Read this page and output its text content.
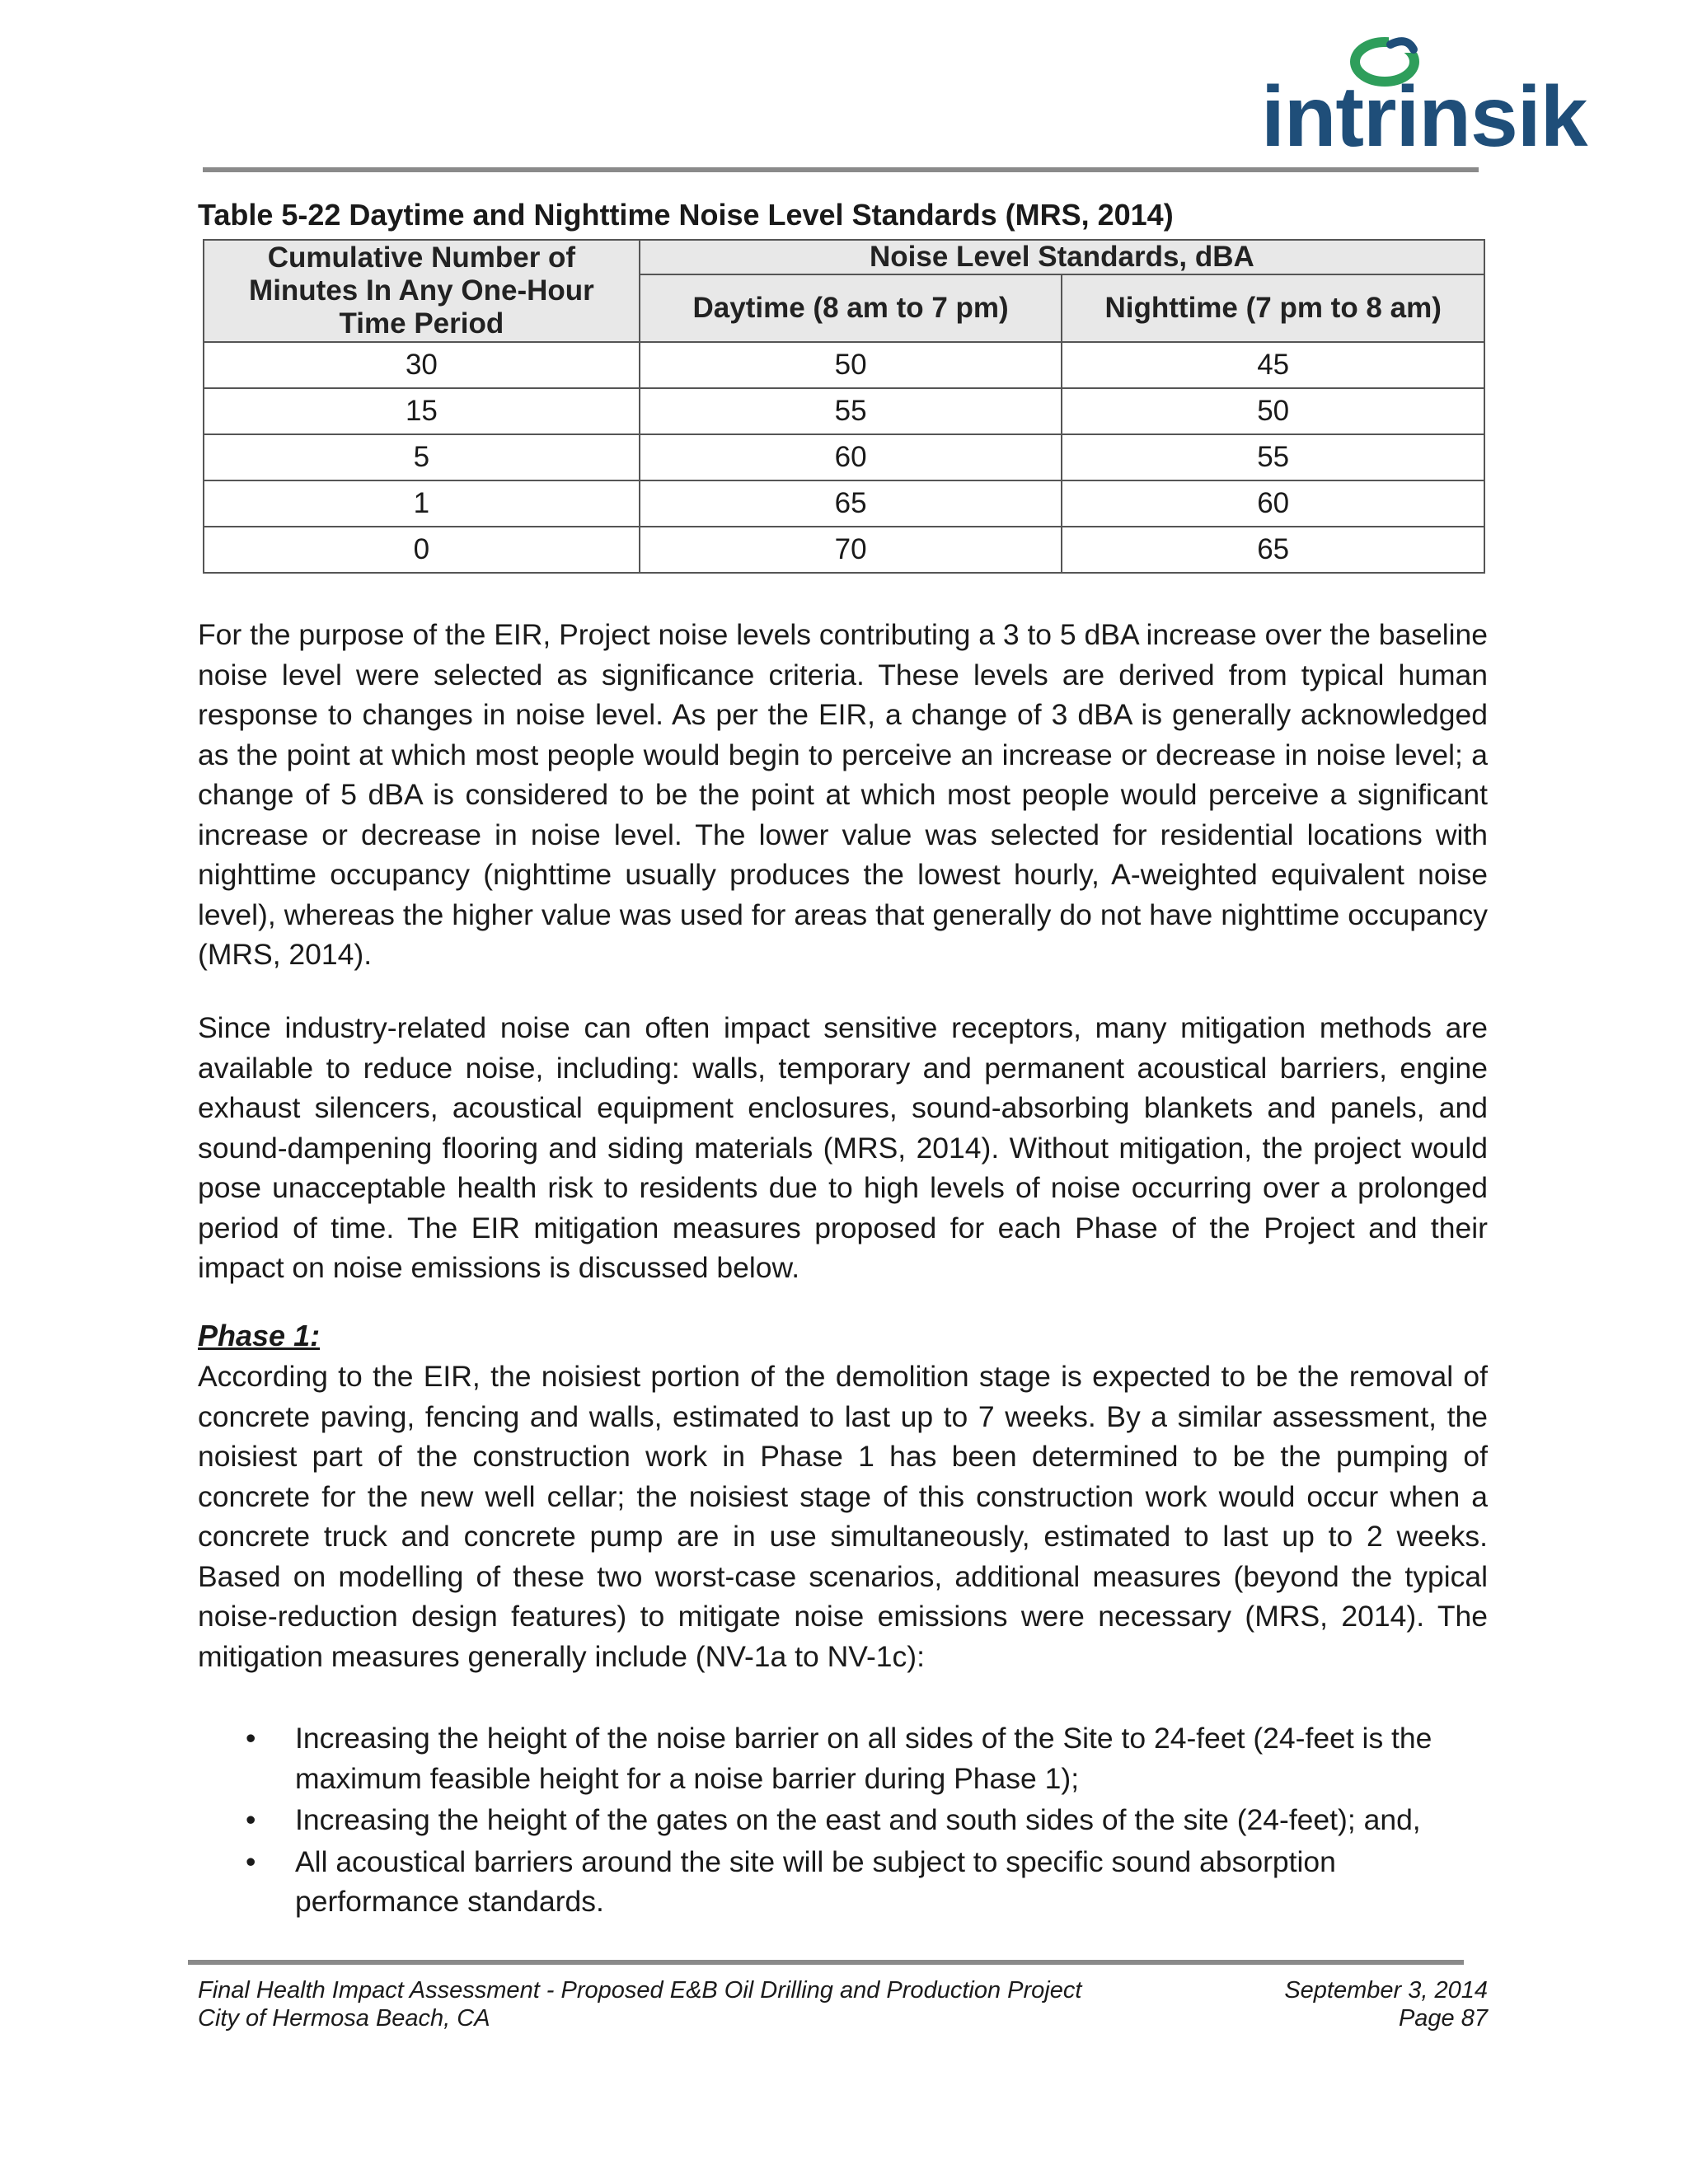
intrinsik

Table 5-22 Daytime and Nighttime Noise Level Standards (MRS, 2014)

Cumulative Number of Minutes In Any One-Hour Time Period	Noise Level Standards, dBA	
	Daytime (8 am to 7 pm)	Nighttime (7 pm to 8 am)
30	50	45
15	55	50
5	60	55
1	65	60
0	70	65

For the purpose of the EIR, Project noise levels contributing a 3 to 5 dBA increase over the baseline noise level were selected as significance criteria. These levels are derived from typical human response to changes in noise level. As per the EIR, a change of 3 dBA is generally acknowledged as the point at which most people would begin to perceive an increase or decrease in noise level; a change of 5 dBA is considered to be the point at which most people would perceive a significant increase or decrease in noise level. The lower value was selected for residential locations with nighttime occupancy (nighttime usually produces the lowest hourly, A-weighted equivalent noise level), whereas the higher value was used for areas that generally do not have nighttime occupancy (MRS, 2014).

Since industry-related noise can often impact sensitive receptors, many mitigation methods are available to reduce noise, including: walls, temporary and permanent acoustical barriers, engine exhaust silencers, acoustical equipment enclosures, sound-absorbing blankets and panels, and sound-dampening flooring and siding materials (MRS, 2014). Without mitigation, the project would pose unacceptable health risk to residents due to high levels of noise occurring over a prolonged period of time. The EIR mitigation measures proposed for each Phase of the Project and their impact on noise emissions is discussed below.

Phase 1:

According to the EIR, the noisiest portion of the demolition stage is expected to be the removal of concrete paving, fencing and walls, estimated to last up to 7 weeks. By a similar assessment, the noisiest part of the construction work in Phase 1 has been determined to be the pumping of concrete for the new well cellar; the noisiest stage of this construction work would occur when a concrete truck and concrete pump are in use simultaneously, estimated to last up to 2 weeks. Based on modelling of these two worst-case scenarios, additional measures (beyond the typical noise-reduction design features) to mitigate noise emissions were necessary (MRS, 2014). The mitigation measures generally include (NV-1a to NV-1c):

• Increasing the height of the noise barrier on all sides of the Site to 24-feet (24-feet is the maximum feasible height for a noise barrier during Phase 1);
• Increasing the height of the gates on the east and south sides of the site (24-feet); and,
• All acoustical barriers around the site will be subject to specific sound absorption performance standards.
Final Health Impact Assessment - Proposed E&B Oil Drilling and Production Project
City of Hermosa Beach, CA
September 3, 2014
Page 87
